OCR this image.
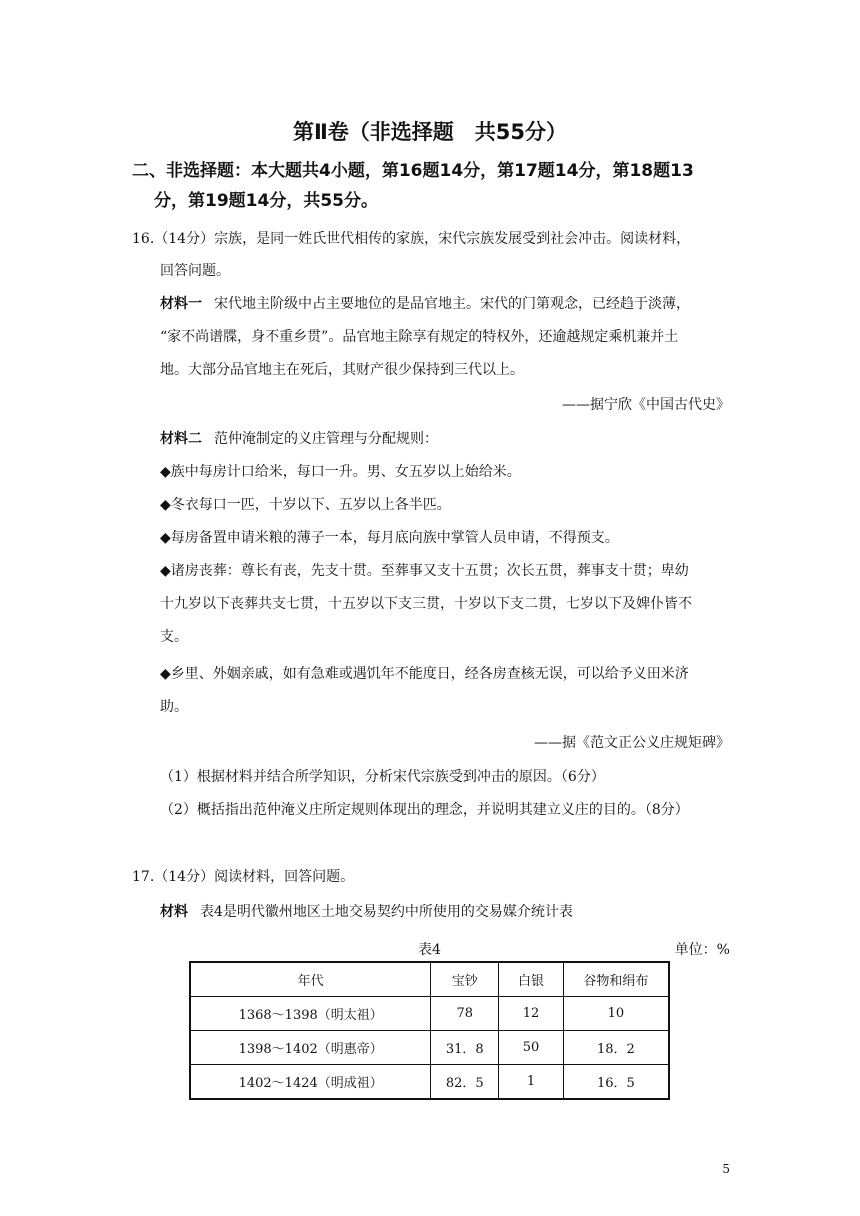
第Ⅱ卷（非选择题　共55分）
二、非选择题：本大题共4小题，第16题14分，第17题14分，第18题13
分，第19题14分，共55分。
16.（14分）宗族，是同一姓氏世代相传的家族，宋代宗族发展受到社会冲击。阅读材料，
回答问题。
材料一 宋代地主阶级中占主要地位的是品官地主。宋代的门第观念，已经趋于淡薄，
“家不尚谱牒，身不重乡贯”。品官地主除享有规定的特权外，还逾越规定乘机兼并土
地。大部分品官地主在死后，其财产很少保持到三代以上。
——据宁欣《中国古代史》
材料二 范仲淹制定的义庄管理与分配规则：
◆族中每房计口给米，每口一升。男、女五岁以上始给米。
◆冬衣每口一匹，十岁以下、五岁以上各半匹。
◆每房备置申请米粮的薄子一本，每月底向族中掌管人员申请，不得预支。
◆诸房丧葬：尊长有丧，先支十贯。至葬事又支十五贯；次长五贯，葬事支十贯；卑幼
十九岁以下丧葬共支七贯，十五岁以下支三贯，十岁以下支二贯，七岁以下及婢仆皆不
支。
◆乡里、外姻亲戚，如有急难或遇饥年不能度日，经各房查核无误，可以给予义田米济
助。
——据《范文正公义庄规矩碑》
（1）根据材料并结合所学知识，分析宋代宗族受到冲击的原因。（6分）
（2）概括指出范仲淹义庄所定规则体现出的理念，并说明其建立义庄的目的。（8分）
17.（14分）阅读材料，回答问题。
材料 表4是明代徽州地区土地交易契约中所使用的交易媒介统计表
表4	单位：%
年代	宝钞	白银	谷物和绢布
1368～1398（明太祖）	78	12	10
1398～1402（明惠帝）	31．8	50	18．2
1402～1424（明成祖）	82．5	1	16．5
5
